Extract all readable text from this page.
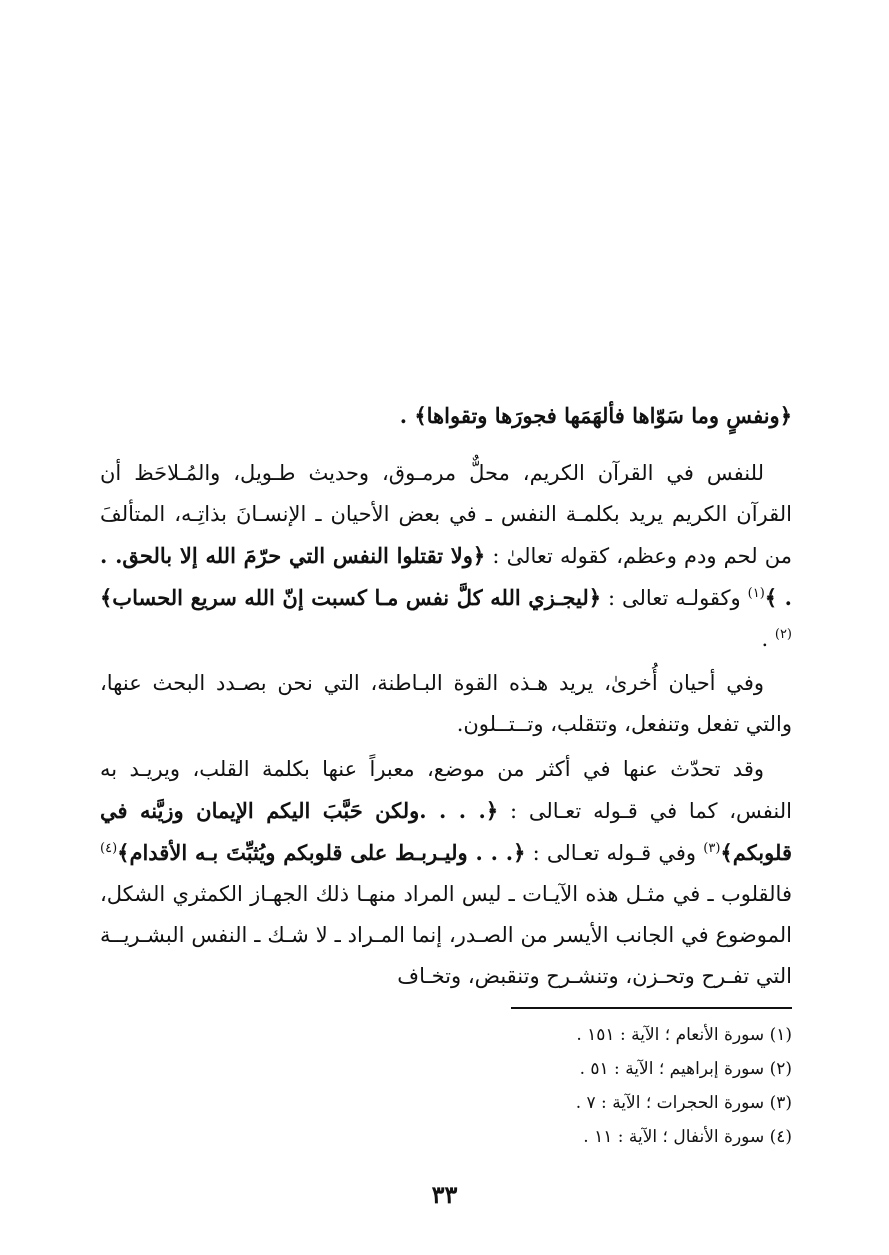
﴿ونفسٍ وما سَوّاها فألهَمَها فجورَها وتقواها﴾ .

للنفس في القرآن الكريم، محلٌّ مرمـوق، وحديث طـويل، والمُـلاحَظ أن القرآن الكريم يريد بكلمـة النفس ـ في بعض الأحيان ـ الإنسـانَ بذاتِـه، المتألفَ من لحم ودم وعظم، كقوله تعالىٰ : ﴿ولا تقتلوا النفس التي حرّمَ الله إلا بالحق. . . ﴾$^{(١)}$ وكقولـه تعالى : ﴿ليجـزي الله كلَّ نفس مـا كسبت إنّ الله سريع الحساب﴾$^{(٢)}$ .

وفي أحيان أُخرىٰ، يريد هـذه القوة البـاطنة، التي نحن بصـدد البحث عنها، والتي تفعل وتنفعل، وتتقلب، وتــتــلون.

وقد تحدّث عنها في أكثر من موضع، معبراً عنها بكلمة القلب، ويريـد به النفس، كما في قـوله تعـالى : ﴿. . . .ولكن حَبَّبَ اليكم الإيمان وزيَّنه في قلوبكم﴾$^{(٣)}$ وفي قـوله تعـالى : ﴿. . . وليـربـط على قلوبكم ويُثبِّتَ بـه الأقدام﴾$^{(٤)}$ فالقلوب ـ في مثـل هذه الآيـات ـ ليس المراد منهـا ذلك الجهـاز الكمثري الشكل، الموضوع في الجانب الأيسر من الصـدر، إنما المـراد ـ لا شـك ـ النفس البشـريــة التي تفـرح وتحـزن، وتنشـرح وتنقبض، وتخـاف

(١) سورة الأنعام ؛ الآية : ١٥١ .
(٢) سورة إبراهيم ؛ الآية : ٥١ .
(٣) سورة الحجرات ؛ الآية : ٧ .
(٤) سورة الأنفال ؛ الآية : ١١ .
٣٣
